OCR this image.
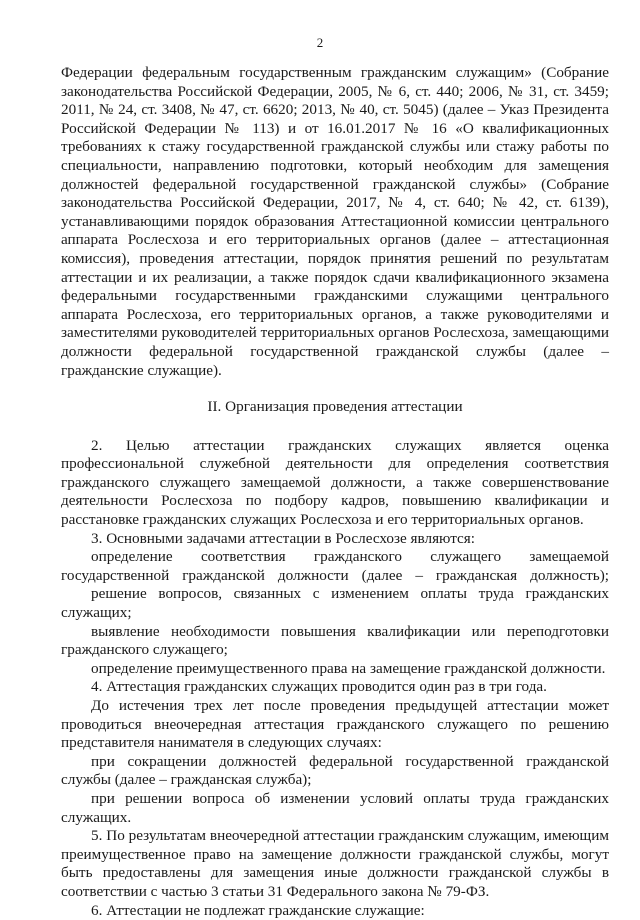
2

Федерации федеральным государственным гражданским служащим» (Собрание законодательства Российской Федерации, 2005, № 6, ст. 440; 2006, № 31, ст. 3459; 2011, № 24, ст. 3408, № 47, ст. 6620; 2013, № 40, ст. 5045) (далее – Указ Президента Российской Федерации № 113) и от 16.01.2017 № 16 «О квалификационных требованиях к стажу государственной гражданской службы или стажу работы по специальности, направлению подготовки, который необходим для замещения должностей федеральной государственной гражданской службы» (Собрание законодательства Российской Федерации, 2017, № 4, ст. 640; № 42, ст. 6139), устанавливающими порядок образования Аттестационной комиссии центрального аппарата Рослесхоза и его территориальных органов (далее – аттестационная комиссия), проведения аттестации, порядок принятия решений по результатам аттестации и их реализации, а также порядок сдачи квалификационного экзамена федеральными государственными гражданскими служащими центрального аппарата Рослесхоза, его территориальных органов, а также руководителями и заместителями руководителей территориальных органов Рослесхоза, замещающими должности федеральной государственной гражданской службы (далее – гражданские служащие).

II. Организация проведения аттестации

2. Целью аттестации гражданских служащих является оценка профессиональной служебной деятельности для определения соответствия гражданского служащего замещаемой должности, а также совершенствование деятельности Рослесхоза по подбору кадров, повышению квалификации и расстановке гражданских служащих Рослесхоза и его территориальных органов.

3. Основными задачами аттестации в Рослесхозе являются:

определение соответствия гражданского служащего замещаемой государственной гражданской должности (далее – гражданская должность);

решение вопросов, связанных с изменением оплаты труда гражданских служащих;

выявление необходимости повышения квалификации или переподготовки гражданского служащего;

определение преимущественного права на замещение гражданской должности.

4. Аттестация гражданских служащих проводится один раз в три года.

До истечения трех лет после проведения предыдущей аттестации может проводиться внеочередная аттестация гражданского служащего по решению представителя нанимателя в следующих случаях:

при сокращении должностей федеральной государственной гражданской службы (далее – гражданская служба);

при решении вопроса об изменении условий оплаты труда гражданских служащих.

5. По результатам внеочередной аттестации гражданским служащим, имеющим преимущественное право на замещение должности гражданской службы, могут быть предоставлены для замещения иные должности гражданской службы в соответствии с частью 3 статьи 31 Федерального закона № 79-ФЗ.

6. Аттестации не подлежат гражданские служащие:
